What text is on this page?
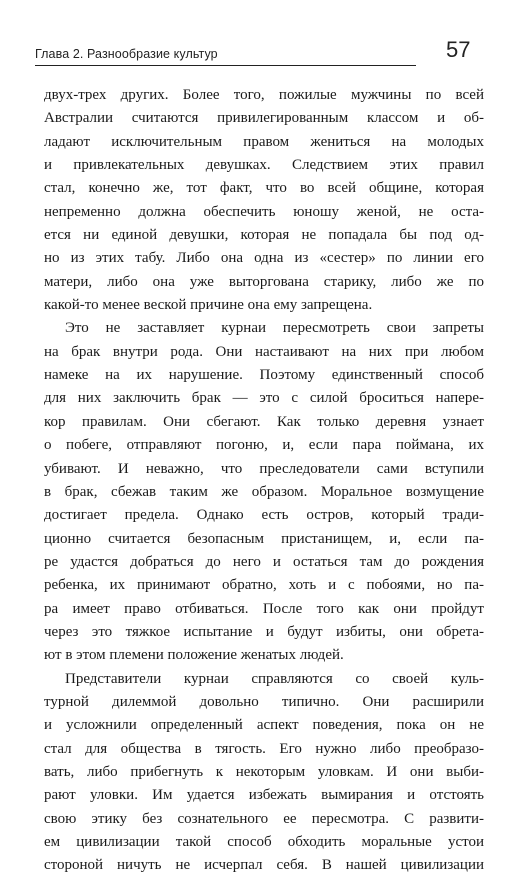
Глава 2. Разнообразие культур	57
двух-трех других. Более того, пожилые мужчины по всей
Австралии считаются привилегированным классом и об-
ладают исключительным правом жениться на молодых
и привлекательных девушках. Следствием этих правил
стал, конечно же, тот факт, что во всей общине, которая
непременно должна обеспечить юношу женой, не оста-
ется ни единой девушки, которая не попадала бы под од-
но из этих табу. Либо она одна из «сестер» по линии его
матери, либо она уже выторгована старику, либо же по
какой-то менее веской причине она ему запрещена.
Это не заставляет курнаи пересмотреть свои запреты
на брак внутри рода. Они настаивают на них при любом
намеке на их нарушение. Поэтому единственный способ
для них заключить брак — это с силой броситься напере-
кор правилам. Они сбегают. Как только деревня узнает
о побеге, отправляют погоню, и, если пара поймана, их
убивают. И неважно, что преследователи сами вступили
в брак, сбежав таким же образом. Моральное возмущение
достигает предела. Однако есть остров, который тради-
ционно считается безопасным пристанищем, и, если па-
ре удастся добраться до него и остаться там до рождения
ребенка, их принимают обратно, хоть и с побоями, но па-
ра имеет право отбиваться. После того как они пройдут
через это тяжкое испытание и будут избиты, они обрета-
ют в этом племени положение женатых людей.
Представители курнаи справляются со своей куль-
турной дилеммой довольно типично. Они расширили
и усложнили определенный аспект поведения, пока он не
стал для общества в тягость. Его нужно либо преобразо-
вать, либо прибегнуть к некоторым уловкам. И они выби-
рают уловки. Им удается избежать вымирания и отстоять
свою этику без сознательного ее пересмотра. С развити-
ем цивилизации такой способ обходить моральные устои
стороной ничуть не исчерпал себя. В нашей цивилизации
